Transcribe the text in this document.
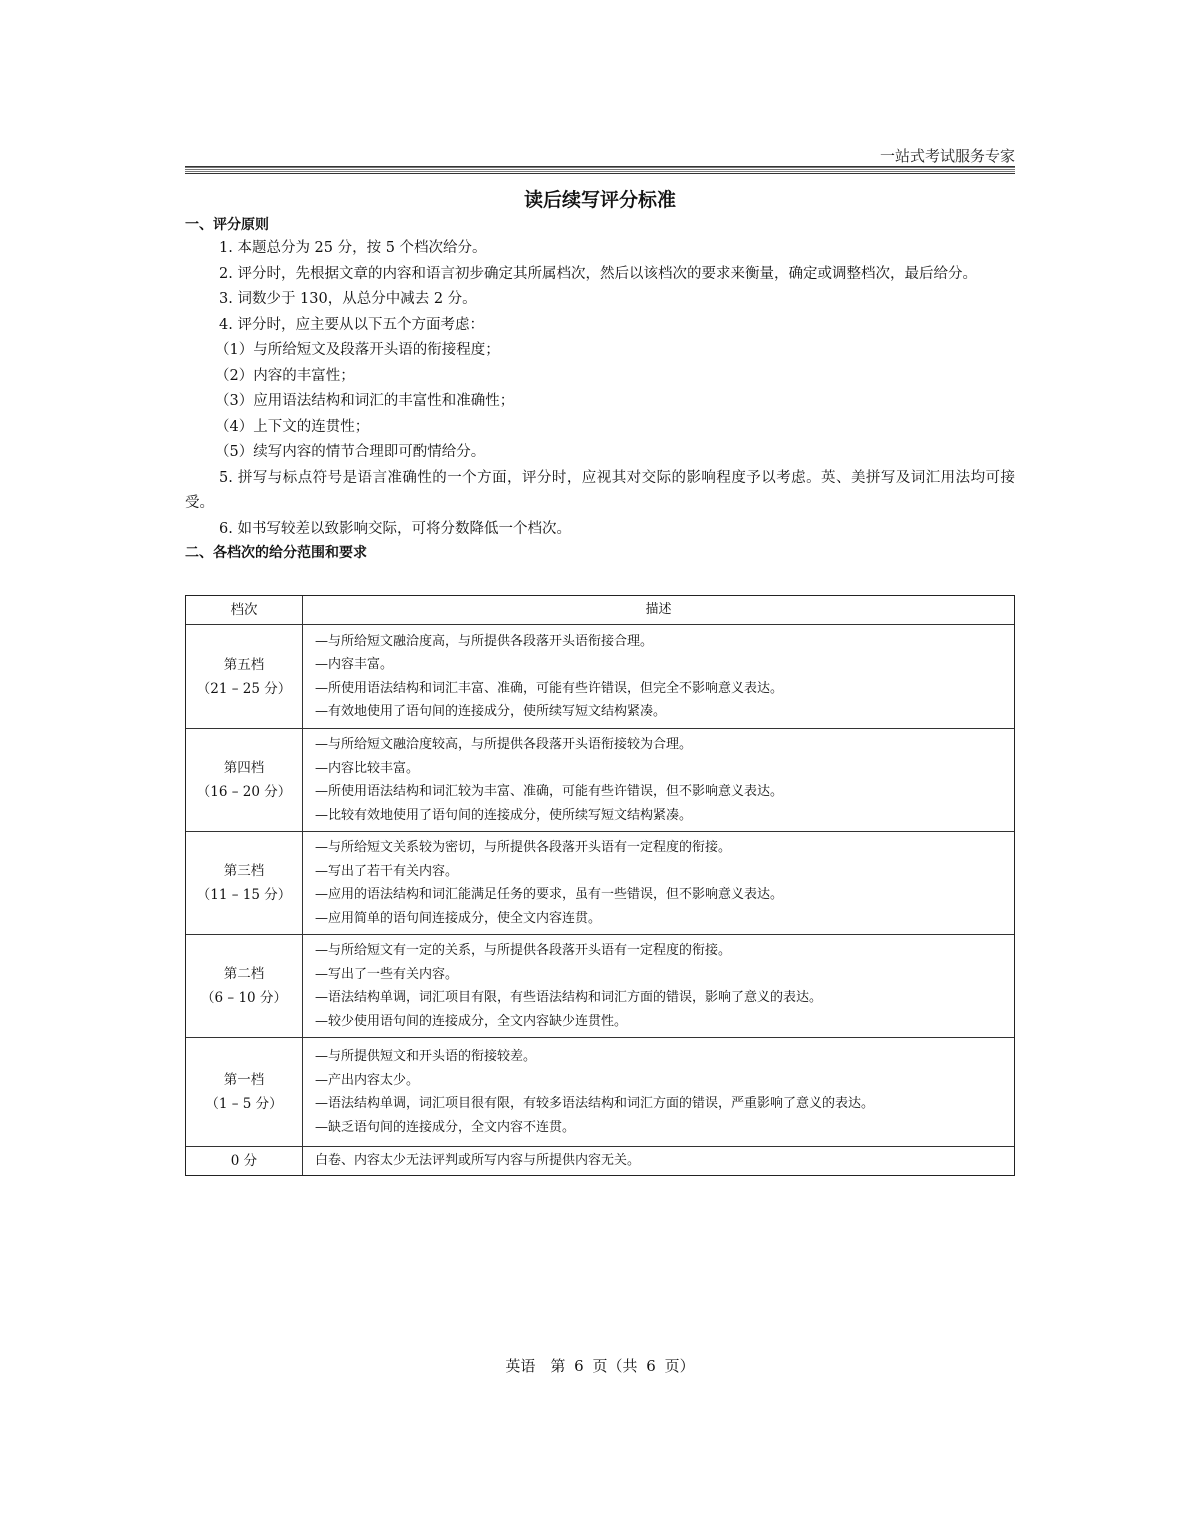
一站式考试服务专家
读后续写评分标准

一、评分原则

1. 本题总分为 25 分，按 5 个档次给分。

2. 评分时，先根据文章的内容和语言初步确定其所属档次，然后以该档次的要求来衡量，确定或调整档次，最后给分。

3. 词数少于 130，从总分中减去 2 分。

4. 评分时，应主要从以下五个方面考虑：

（1）与所给短文及段落开头语的衔接程度；

（2）内容的丰富性；

（3）应用语法结构和词汇的丰富性和准确性；

（4）上下文的连贯性；

（5）续写内容的情节合理即可酌情给分。

5. 拼写与标点符号是语言准确性的一个方面，评分时，应视其对交际的影响程度予以考虑。英、美拼写及词汇用法均可接受。

6. 如书写较差以致影响交际，可将分数降低一个档次。

二、各档次的给分范围和要求

档次	描述
第五档
（21 – 25 分）
—与所给短文融洽度高，与所提供各段落开头语衔接合理。
—内容丰富。
—所使用语法结构和词汇丰富、准确，可能有些许错误，但完全不影响意义表达。
—有效地使用了语句间的连接成分，使所续写短文结构紧凑。
第四档
（16 – 20 分）
—与所给短文融洽度较高，与所提供各段落开头语衔接较为合理。
—内容比较丰富。
—所使用语法结构和词汇较为丰富、准确，可能有些许错误，但不影响意义表达。
—比较有效地使用了语句间的连接成分，使所续写短文结构紧凑。
第三档
（11 – 15 分）
—与所给短文关系较为密切，与所提供各段落开头语有一定程度的衔接。
—写出了若干有关内容。
—应用的语法结构和词汇能满足任务的要求，虽有一些错误，但不影响意义表达。
—应用简单的语句间连接成分，使全文内容连贯。
第二档
（6 – 10 分）
—与所给短文有一定的关系，与所提供各段落开头语有一定程度的衔接。
—写出了一些有关内容。
—语法结构单调，词汇项目有限，有些语法结构和词汇方面的错误，影响了意义的表达。
—较少使用语句间的连接成分，全文内容缺少连贯性。
第一档
（1 – 5 分）
—与所提供短文和开头语的衔接较差。
—产出内容太少。
—语法结构单调，词汇项目很有限，有较多语法结构和词汇方面的错误，严重影响了意义的表达。
—缺乏语句间的连接成分，全文内容不连贯。
0 分	白卷、内容太少无法评判或所写内容与所提供内容无关。
英语　第 6 页（共 6 页）
